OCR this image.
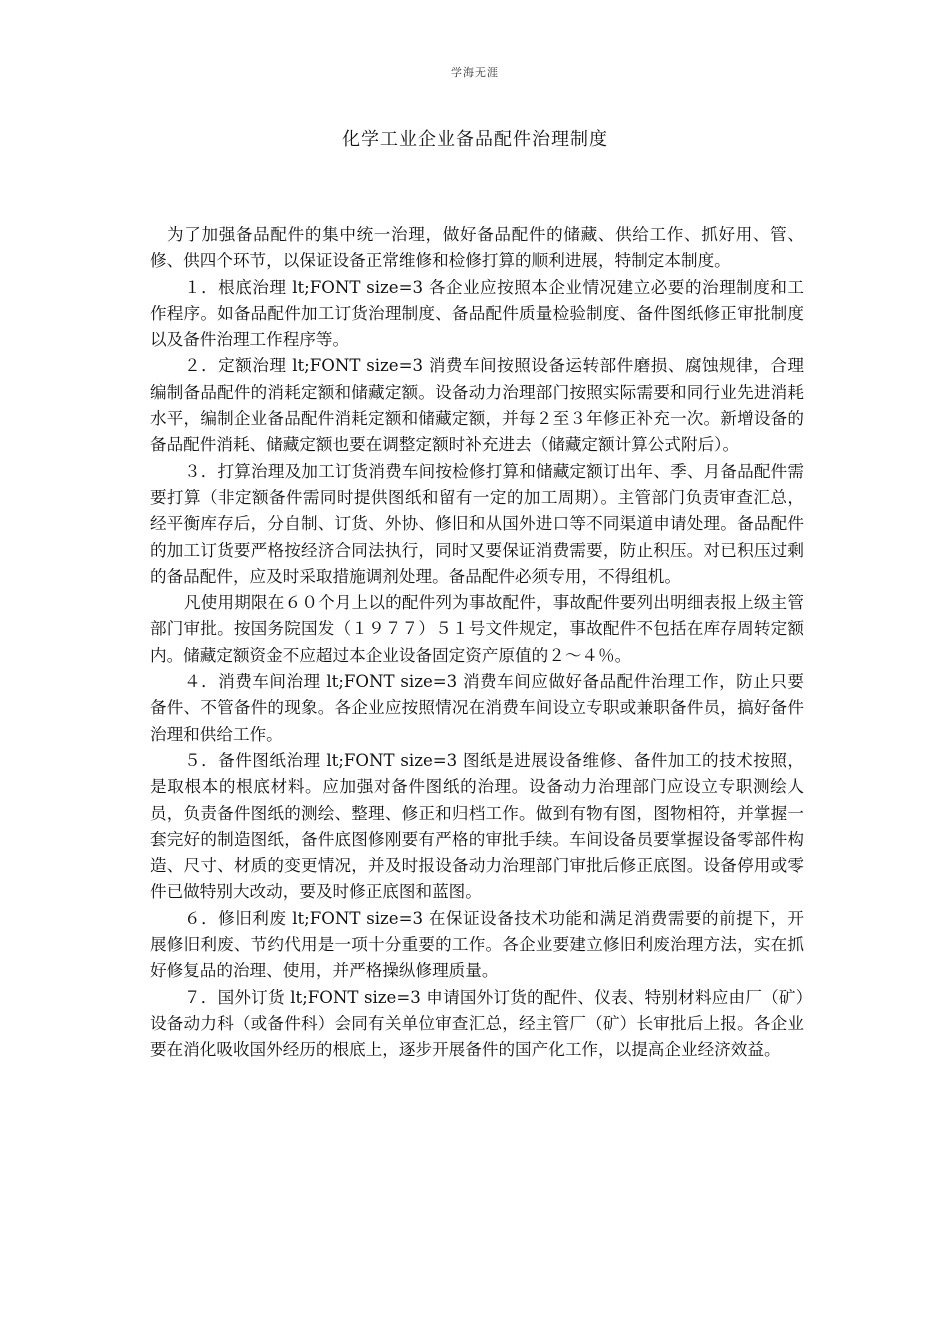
学海无涯
化学工业企业备品配件治理制度

为了加强备品配件的集中统一治理，做好备品配件的储藏、供给工作、抓好用、管、修、供四个环节，以保证设备正常维修和检修打算的顺利进展，特制定本制度。

１．根底治理 lt;FONT size=3 各企业应按照本企业情况建立必要的治理制度和工作程序。如备品配件加工订货治理制度、备品配件质量检验制度、备件图纸修正审批制度以及备件治理工作程序等。

２．定额治理 lt;FONT size=3 消费车间按照设备运转部件磨损、腐蚀规律，合理编制备品配件的消耗定额和储藏定额。设备动力治理部门按照实际需要和同行业先进消耗水平，编制企业备品配件消耗定额和储藏定额，并每２至３年修正补充一次。新增设备的备品配件消耗、储藏定额也要在调整定额时补充进去（储藏定额计算公式附后）。

３．打算治理及加工订货消费车间按检修打算和储藏定额订出年、季、月备品配件需要打算（非定额备件需同时提供图纸和留有一定的加工周期）。主管部门负责审查汇总，经平衡库存后，分自制、订货、外协、修旧和从国外进口等不同渠道申请处理。备品配件的加工订货要严格按经济合同法执行，同时又要保证消费需要，防止积压。对已积压过剩的备品配件，应及时采取措施调剂处理。备品配件必须专用，不得组机。

凡使用期限在６０个月上以的配件列为事故配件，事故配件要列出明细表报上级主管部门审批。按国务院国发（１９７７）５１号文件规定，事故配件不包括在库存周转定额内。储藏定额资金不应超过本企业设备固定资产原值的２～４％。

４．消费车间治理 lt;FONT size=3 消费车间应做好备品配件治理工作，防止只要备件、不管备件的现象。各企业应按照情况在消费车间设立专职或兼职备件员，搞好备件治理和供给工作。

５．备件图纸治理 lt;FONT size=3 图纸是进展设备维修、备件加工的技术按照，是取根本的根底材料。应加强对备件图纸的治理。设备动力治理部门应设立专职测绘人员，负责备件图纸的测绘、整理、修正和归档工作。做到有物有图，图物相符，并掌握一套完好的制造图纸，备件底图修刚要有严格的审批手续。车间设备员要掌握设备零部件构造、尺寸、材质的变更情况，并及时报设备动力治理部门审批后修正底图。设备停用或零件已做特别大改动，要及时修正底图和蓝图。

６．修旧利废 lt;FONT size=3 在保证设备技术功能和满足消费需要的前提下，开展修旧利废、节约代用是一项十分重要的工作。各企业要建立修旧利废治理方法，实在抓好修复品的治理、使用，并严格操纵修理质量。

７．国外订货 lt;FONT size=3 申请国外订货的配件、仪表、特别材料应由厂（矿）设备动力科（或备件科）会同有关单位审查汇总，经主管厂（矿）长审批后上报。各企业要在消化吸收国外经历的根底上，逐步开展备件的国产化工作，以提高企业经济效益。
